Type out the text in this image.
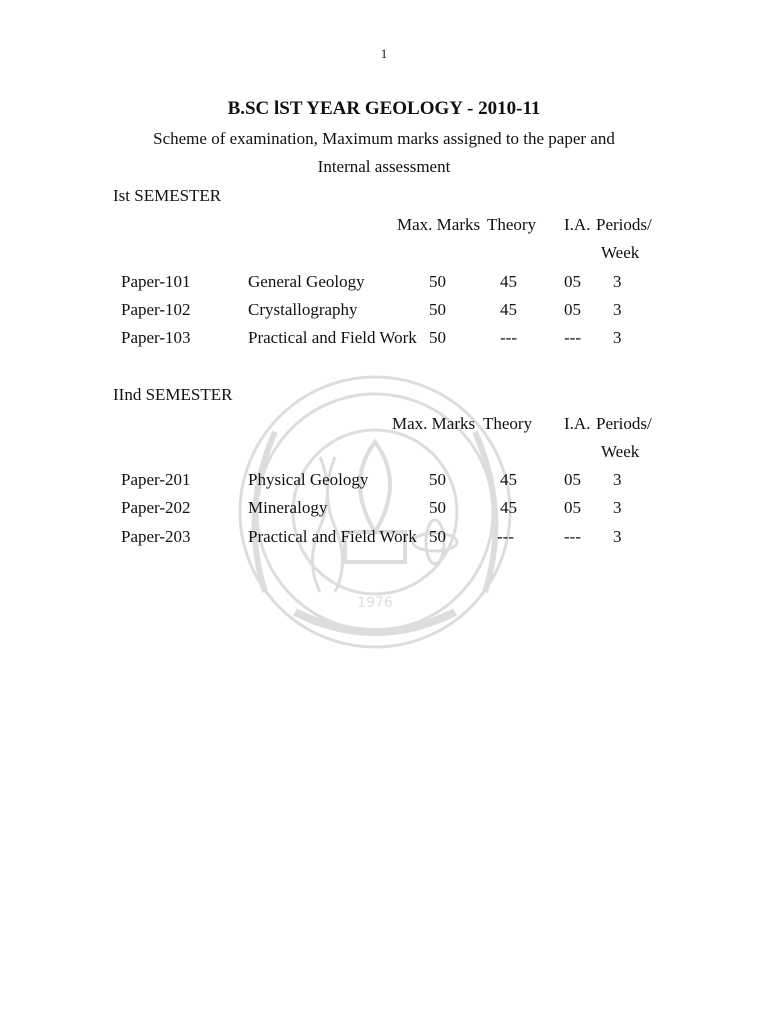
1976
1
B.SC lST YEAR GEOLOGY - 2010-11
Scheme of examination, Maximum marks assigned to the paper and
Internal assessment
Ist SEMESTER
Max. Marks Theory I.A. Periods/
Week
Paper-101	General Geology	50	45	05 3
Paper-102	Crystallography	50	45	05 3
Paper-103	Practical and Field Work 50	---	--- 3
IInd SEMESTER
Max. Marks Theory I.A. Periods/
Week
Paper-201	Physical Geology	50	45	05 3
Paper-202	Mineralogy	50	45	05 3
Paper-203	Practical and Field Work 50	---	--- 3
